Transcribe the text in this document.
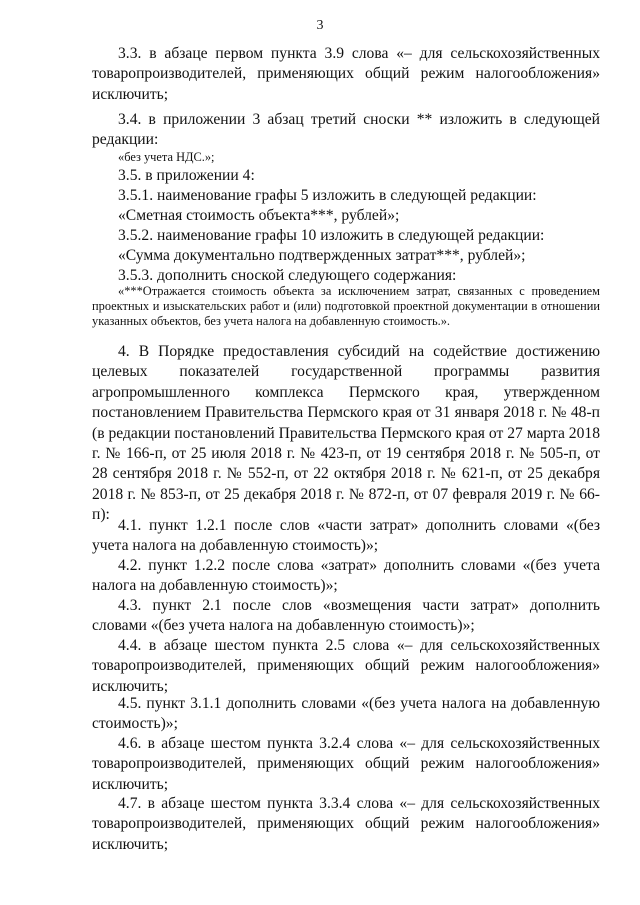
3
3.3. в абзаце первом пункта 3.9 слова «– для сельскохозяйственных товаропроизводителей, применяющих общий режим налогообложения» исключить;
3.4. в приложении 3 абзац третий сноски ** изложить в следующей редакции:
«без учета НДС.»;
3.5. в приложении 4:
3.5.1. наименование графы 5 изложить в следующей редакции:
«Сметная стоимость объекта***, рублей»;
3.5.2. наименование графы 10 изложить в следующей редакции:
«Сумма документально подтвержденных затрат***, рублей»;
3.5.3. дополнить сноской следующего содержания:
«***Отражается стоимость объекта за исключением затрат, связанных с проведением проектных и изыскательских работ и (или) подготовкой проектной документации в отношении указанных объектов, без учета налога на добавленную стоимость.».
4. В Порядке предоставления субсидий на содействие достижению целевых показателей государственной программы развития агропромышленного комплекса Пермского края, утвержденном постановлением Правительства Пермского края от 31 января 2018 г. № 48-п (в редакции постановлений Правительства Пермского края от 27 марта 2018 г. № 166-п, от 25 июля 2018 г. № 423-п, от 19 сентября 2018 г. № 505-п, от 28 сентября 2018 г. № 552-п, от 22 октября 2018 г. № 621-п, от 25 декабря 2018 г. № 853-п, от 25 декабря 2018 г. № 872-п, от 07 февраля 2019 г. № 66-п):
4.1. пункт 1.2.1 после слов «части затрат» дополнить словами «(без учета налога на добавленную стоимость)»;
4.2. пункт 1.2.2 после слова «затрат» дополнить словами «(без учета налога на добавленную стоимость)»;
4.3. пункт 2.1 после слов «возмещения части затрат» дополнить словами «(без учета налога на добавленную стоимость)»;
4.4. в абзаце шестом пункта 2.5 слова «– для сельскохозяйственных товаропроизводителей, применяющих общий режим налогообложения» исключить;
4.5. пункт 3.1.1 дополнить словами «(без учета налога на добавленную стоимость)»;
4.6. в абзаце шестом пункта 3.2.4 слова «– для сельскохозяйственных товаропроизводителей, применяющих общий режим налогообложения» исключить;
4.7. в абзаце шестом пункта 3.3.4 слова «– для сельскохозяйственных товаропроизводителей, применяющих общий режим налогообложения» исключить;
